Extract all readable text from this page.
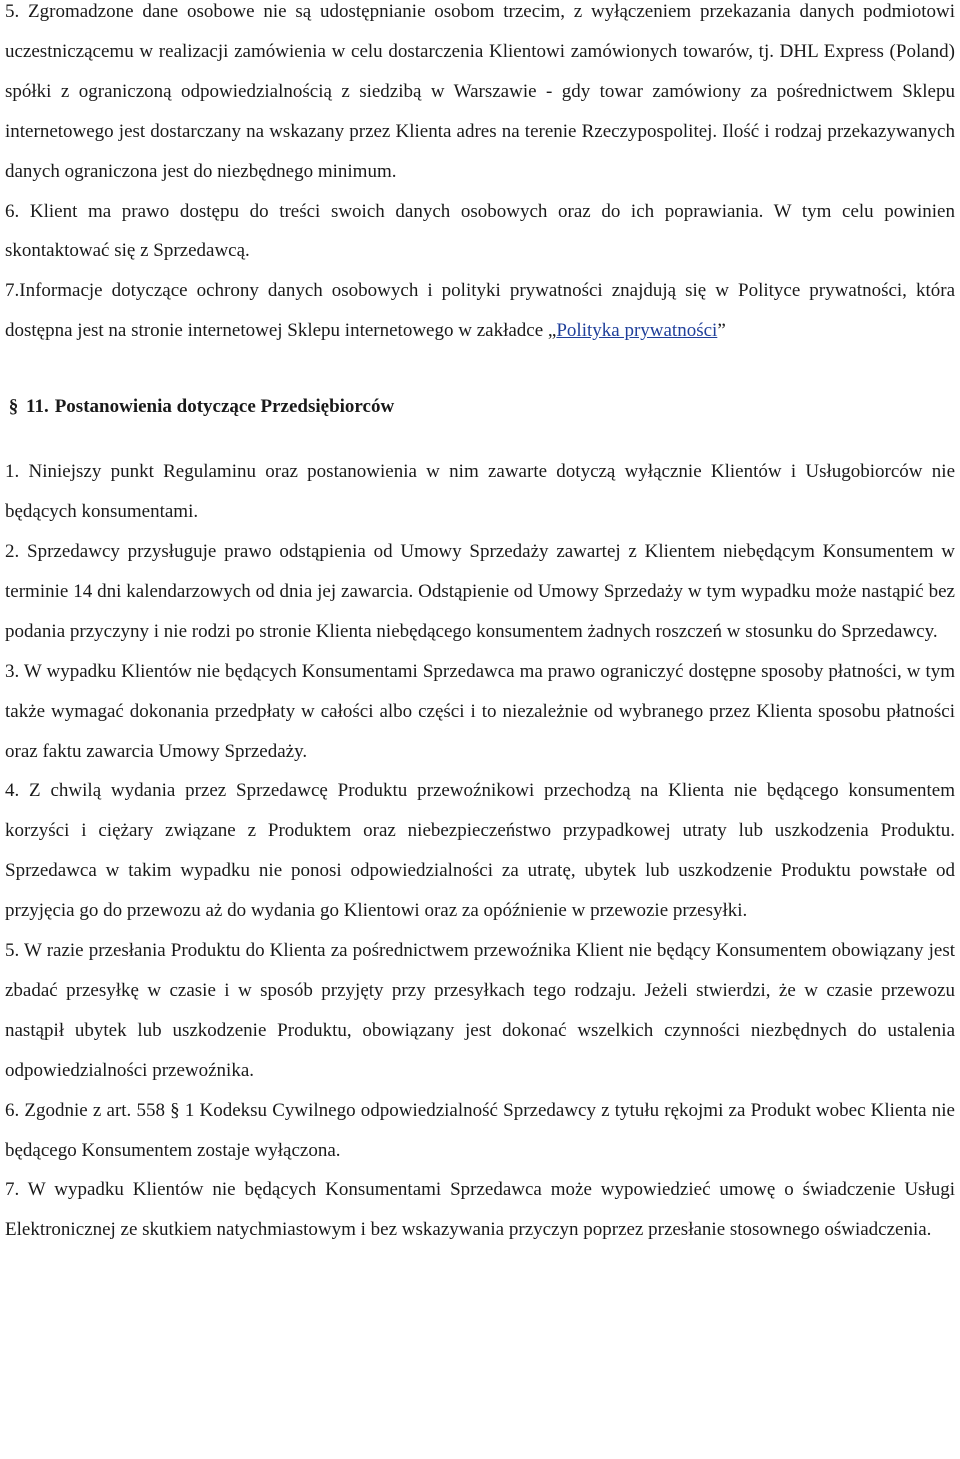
5. Zgromadzone dane osobowe nie są udostępnianie osobom trzecim, z wyłączeniem przekazania danych podmiotowi uczestniczącemu w realizacji zamówienia w celu dostarczenia Klientowi zamówionych towarów, tj. DHL Express (Poland) spółki z ograniczoną odpowiedzialnością z siedzibą w Warszawie - gdy towar zamówiony za pośrednictwem Sklepu internetowego jest dostarczany na wskazany przez Klienta adres na terenie Rzeczypospolitej. Ilość i rodzaj przekazywanych danych ograniczona jest do niezbędnego minimum.

6. Klient ma prawo dostępu do treści swoich danych osobowych oraz do ich poprawiania. W tym celu powinien skontaktować się z Sprzedawcą.

7.Informacje dotyczące ochrony danych osobowych i polityki prywatności znajdują się w Polityce prywatności, która dostępna jest na stronie internetowej Sklepu internetowego w zakładce „Polityka prywatności”

§ 11. Postanowienia dotyczące Przedsiębiorców

1. Niniejszy punkt Regulaminu oraz postanowienia w nim zawarte dotyczą wyłącznie Klientów i Usługobiorców nie będących konsumentami.

2. Sprzedawcy przysługuje prawo odstąpienia od Umowy Sprzedaży zawartej z Klientem niebędącym Konsumentem w terminie 14 dni kalendarzowych od dnia jej zawarcia. Odstąpienie od Umowy Sprzedaży w tym wypadku może nastąpić bez podania przyczyny i nie rodzi po stronie Klienta niebędącego konsumentem żadnych roszczeń w stosunku do Sprzedawcy.

3. W wypadku Klientów nie będących Konsumentami Sprzedawca ma prawo ograniczyć dostępne sposoby płatności, w tym także wymagać dokonania przedpłaty w całości albo części i to niezależnie od wybranego przez Klienta sposobu płatności oraz faktu zawarcia Umowy Sprzedaży.

4. Z chwilą wydania przez Sprzedawcę Produktu przewoźnikowi przechodzą na Klienta nie będącego konsumentem korzyści i ciężary związane z Produktem oraz niebezpieczeństwo przypadkowej utraty lub uszkodzenia Produktu. Sprzedawca w takim wypadku nie ponosi odpowiedzialności za utratę, ubytek lub uszkodzenie Produktu powstałe od przyjęcia go do przewozu aż do wydania go Klientowi oraz za opóźnienie w przewozie przesyłki.

5. W razie przesłania Produktu do Klienta za pośrednictwem przewoźnika Klient nie będący Konsumentem obowiązany jest zbadać przesyłkę w czasie i w sposób przyjęty przy przesyłkach tego rodzaju. Jeżeli stwierdzi, że w czasie przewozu nastąpił ubytek lub uszkodzenie Produktu, obowiązany jest dokonać wszelkich czynności niezbędnych do ustalenia odpowiedzialności przewoźnika.

6. Zgodnie z art. 558 § 1 Kodeksu Cywilnego odpowiedzialność Sprzedawcy z tytułu rękojmi za Produkt wobec Klienta nie będącego Konsumentem zostaje wyłączona.

7. W wypadku Klientów nie będących Konsumentami Sprzedawca może wypowiedzieć umowę o świadczenie Usługi Elektronicznej ze skutkiem natychmiastowym i bez wskazywania przyczyn poprzez przesłanie stosownego oświadczenia.
